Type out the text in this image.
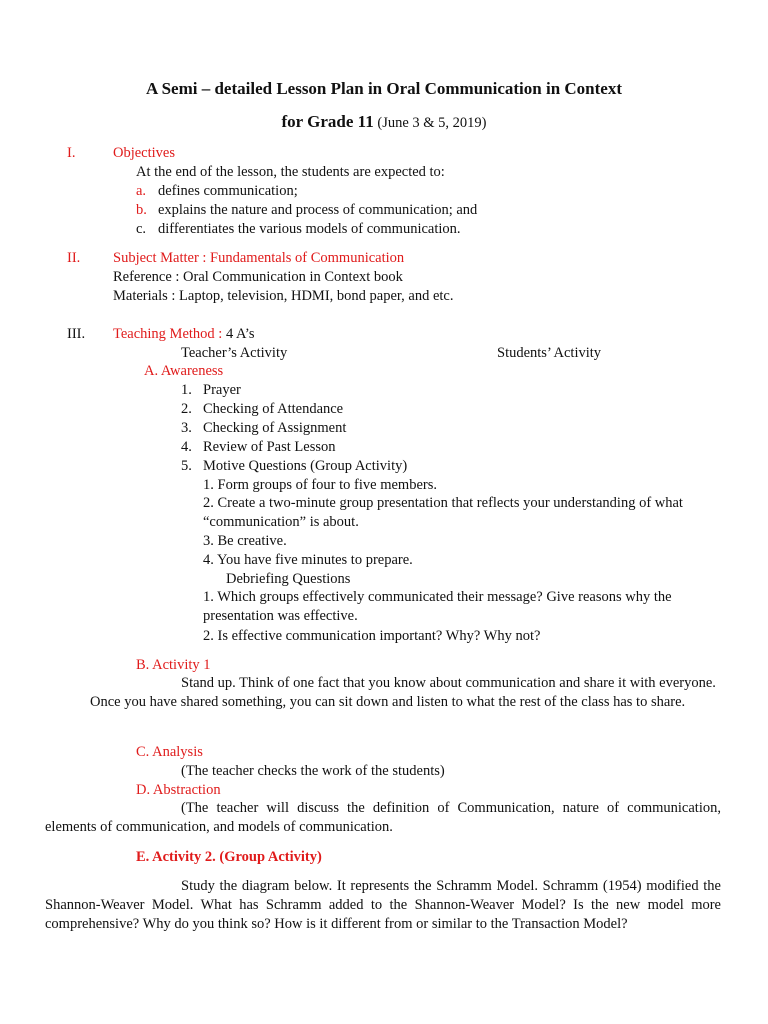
A Semi – detailed Lesson Plan in Oral Communication in Context
for Grade 11 (June 3 & 5, 2019)
I.	Objectives
At the end of the lesson, the students are expected to:
a. defines communication;
b. explains the nature and process of communication; and
c. differentiates the various models of communication.
II. Subject Matter : Fundamentals of Communication
Reference : Oral Communication in Context book
Materials : Laptop, television, HDMI, bond paper, and etc.
III. Teaching Method : 4 A’s
Teacher’s Activity	Students’ Activity
A. Awareness
1. Prayer
2. Checking of Attendance
3. Checking of Assignment
4. Review of Past Lesson
5. Motive Questions (Group Activity)
1. Form groups of four to five members.
2. Create a two-minute group presentation that reflects your understanding of what “communication” is about.
3. Be creative.
4. You have five minutes to prepare.
Debriefing Questions
1. Which groups effectively communicated their message? Give reasons why the presentation was effective.
2. Is effective communication important? Why? Why not?
B. Activity 1
Stand up. Think of one fact that you know about communication and share it with everyone. Once you have shared something, you can sit down and listen to what the rest of the class has to share.
C. Analysis
(The teacher checks the work of the students)
D. Abstraction
(The teacher will discuss the definition of Communication, nature of communication, elements of communication, and models of communication.
E. Activity 2. (Group Activity)
Study the diagram below. It represents the Schramm Model. Schramm (1954) modified the Shannon-Weaver Model. What has Schramm added to the Shannon-Weaver Model? Is the new model more comprehensive? Why do you think so? How is it different from or similar to the Transaction Model?
